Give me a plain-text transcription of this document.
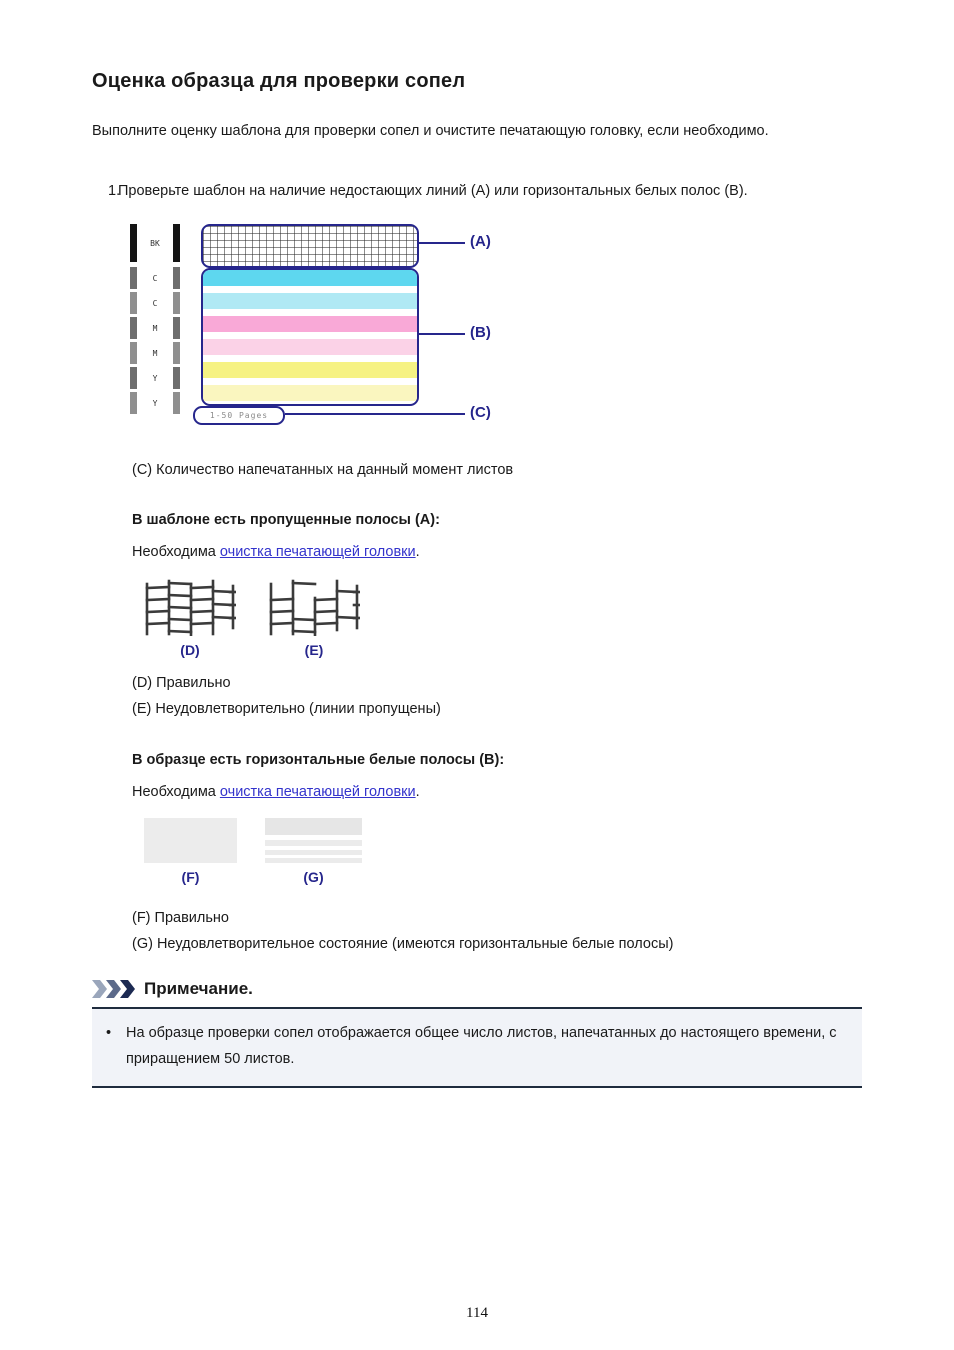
Оценка образца для проверки сопел

Выполните оценку шаблона для проверки сопел и очистите печатающую головку, если необходимо.

1.
Проверьте шаблон на наличие недостающих линий (A) или горизонтальных белых полос (B).
BK
C
C
M
M
Y
Y
1-50 Pages
(A)
(B)
(C)
(C) Количество напечатанных на данный момент листов
В шаблоне есть пропущенные полосы (A):
Необходима очистка печатающей головки.
(D)	(E)
(D) Правильно
(E) Неудовлетворительно (линии пропущены)
В образце есть горизонтальные белые полосы (B):
Необходима очистка печатающей головки.
(F)	(G)
(F) Правильно
(G) Неудовлетворительное состояние (имеются горизонтальные белые полосы)
Примечание.
•	На образце проверки сопел отображается общее число листов, напечатанных до настоящего времени, с приращением 50 листов.
114
